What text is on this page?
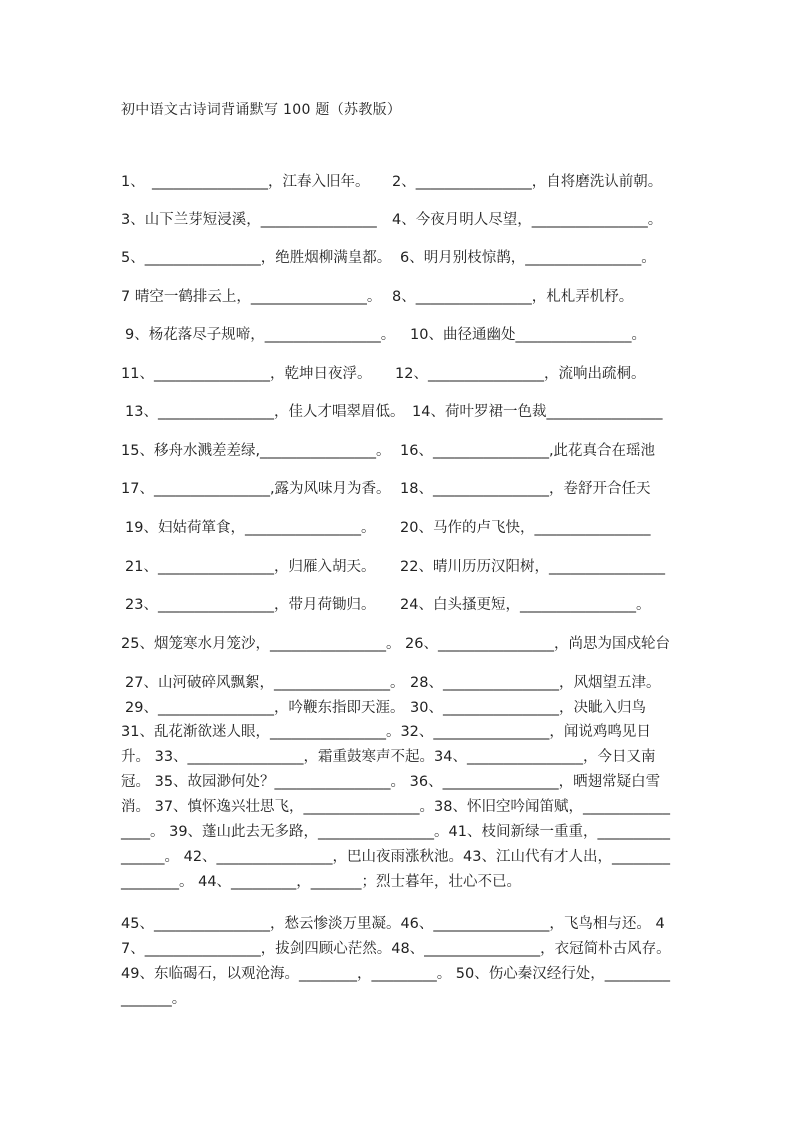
初中语文古诗词背诵默写 100 题（苏教版）
1、　________________，江春入旧年。 2、________________，自将磨洗认前朝。
3、山下兰芽短浸溪，________________ 4、今夜月明人尽望，________________。
5、________________，绝胜烟柳满皇都。 6、明月别枝惊鹊，________________。
7 晴空一鹤排云上，________________。 8、________________，札札弄机杼。
9、杨花落尽子规啼，________________。 10、曲径通幽处________________。
11、________________，乾坤日夜浮。 12、________________，流响出疏桐。
13、________________，佳人才唱翠眉低。 14、荷叶罗裙一色裁________________
15、移舟水溅差差绿,________________。 16、________________,此花真合在瑶池
17、________________,露为风味月为香。 18、________________，卷舒开合任天
19、妇姑荷箪食，________________。 20、马作的卢飞快，________________
21、________________，归雁入胡天。 22、晴川历历汉阳树，________________
23、________________，带月荷锄归。 24、白头搔更短，________________。
25、烟笼寒水月笼沙，________________。 26、________________，尚思为国戍轮台
27、山河破碎风飘絮，________________。 28、________________，风烟望五津。
29、________________，吟鞭东指即天涯。 30、________________，决眦入归鸟
31、乱花渐欲迷人眼，________________。32、________________，闻说鸡鸣见日升。 33、________________，霜重鼓寒声不起。34、________________，今日又南冠。 35、故园渺何处？________________。 36、________________，晒翅常疑白雪消。 37、慎怀逸兴壮思飞，________________。38、怀旧空吟闻笛赋，________________。 39、蓬山此去无多路，________________。41、枝间新绿一重重，________________。 42、________________，巴山夜雨涨秋池。43、江山代有才人出，________________。 44、_________，_______；烈士暮年，壮心不已。
45、________________，愁云惨淡万里凝。46、________________，飞鸟相与还。 47、________________，拔剑四顾心茫然。48、________________，衣冠简朴古风存。 49、东临碣石，以观沧海。________，_________。 50、伤心秦汉经行处，________________。
